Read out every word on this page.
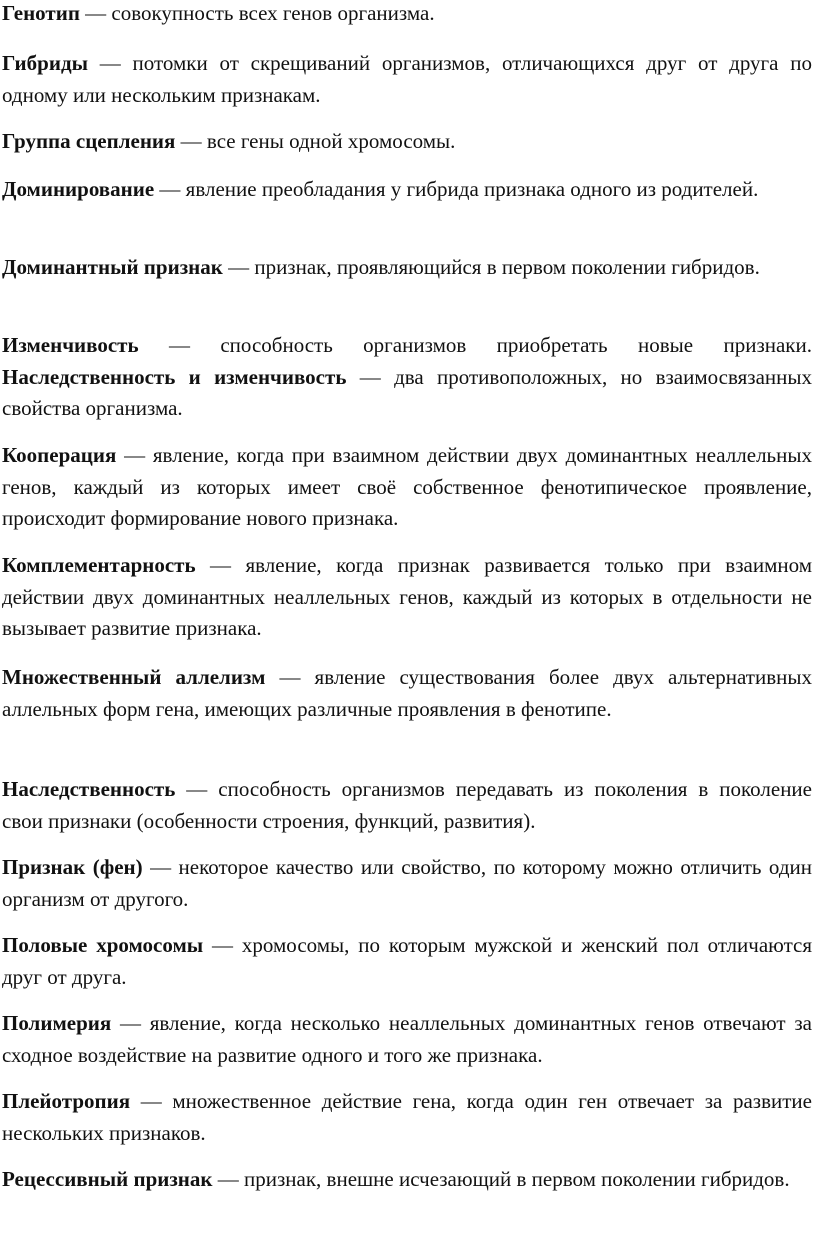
Генотип — совокупность всех генов организма.

Гибриды — потомки от скрещиваний организмов, отличающихся друг от друга по одному или нескольким признакам.

Группа сцепления — все гены одной хромосомы.

Доминирование — явление преобладания у гибрида признака одного из родителей.

Доминантный признак — признак, проявляющийся в первом поколении гибридов.

Изменчивость — способность организмов приобретать новые признаки. Наследственность и изменчивость — два противоположных, но взаимосвязанных свойства организма.

Кооперация — явление, когда при взаимном действии двух доминантных неаллельных генов, каждый из которых имеет своё собственное фенотипическое проявление, происходит формирование нового признака.

Комплементарность — явление, когда признак развивается только при взаимном действии двух доминантных неаллельных генов, каждый из которых в отдельности не вызывает развитие признака.

Множественный аллелизм — явление существования более двух альтернативных аллельных форм гена, имеющих различные проявления в фенотипе.

Наследственность — способность организмов передавать из поколения в поколение свои признаки (особенности строения, функций, развития).

Признак (фен) — некоторое качество или свойство, по которому можно отличить один организм от другого.

Половые хромосомы — хромосомы, по которым мужской и женский пол отличаются друг от друга.

Полимерия — явление, когда несколько неаллельных доминантных генов отвечают за сходное воздействие на развитие одного и того же признака.

Плейотропия — множественное действие гена, когда один ген отвечает за развитие нескольких признаков.

Рецессивный признак — признак, внешне исчезающий в первом поколении гибридов.
